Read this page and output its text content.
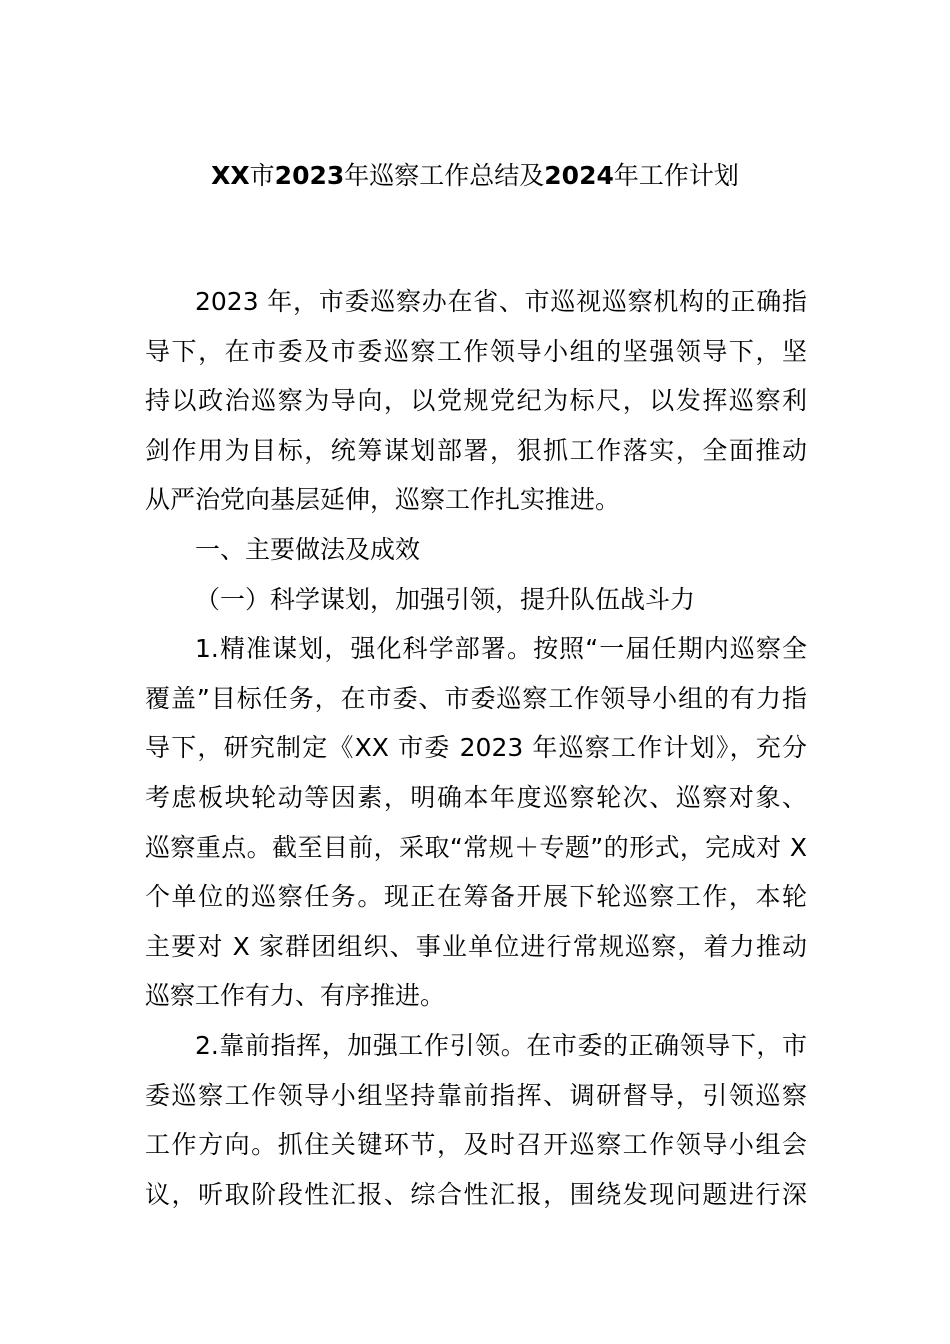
XX市2023年巡察工作总结及2024年工作计划
2023 年，市委巡察办在省、市巡视巡察机构的正确指
导下，在市委及市委巡察工作领导小组的坚强领导下，坚
持以政治巡察为导向，以党规党纪为标尺，以发挥巡察利
剑作用为目标，统筹谋划部署，狠抓工作落实，全面推动
从严治党向基层延伸，巡察工作扎实推进。
一、主要做法及成效
（一）科学谋划，加强引领，提升队伍战斗力
1.精准谋划，强化科学部署。按照“一届任期内巡察全
覆盖”目标任务，在市委、市委巡察工作领导小组的有力指
导下，研究制定《XX 市委 2023 年巡察工作计划》，充分
考虑板块轮动等因素，明确本年度巡察轮次、巡察对象、
巡察重点。截至目前，采取“常规＋专题”的形式，完成对 X
个单位的巡察任务。现正在筹备开展下轮巡察工作，本轮
主要对 X 家群团组织、事业单位进行常规巡察，着力推动
巡察工作有力、有序推进。
2.靠前指挥，加强工作引领。在市委的正确领导下，市
委巡察工作领导小组坚持靠前指挥、调研督导，引领巡察
工作方向。抓住关键环节，及时召开巡察工作领导小组会
议，听取阶段性汇报、综合性汇报，围绕发现问题进行深
